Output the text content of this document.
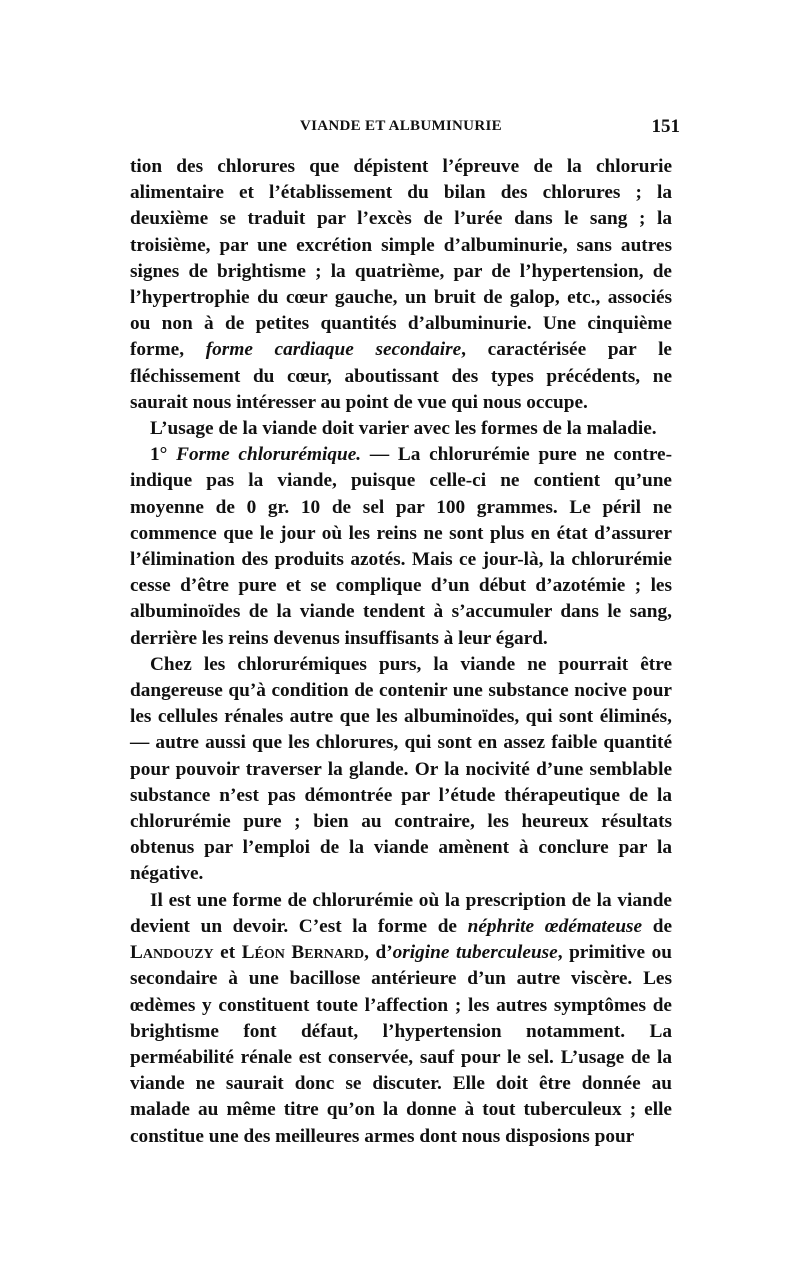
VIANDE ET ALBUMINURIE	151

tion des chlorures que dépistent l’épreuve de la chlorurie alimentaire et l’établissement du bilan des chlorures ; la deuxième se traduit par l’excès de l’urée dans le sang ; la troisième, par une excrétion simple d’albuminurie, sans autres signes de brightisme ; la quatrième, par de l’hypertension, de l’hypertrophie du cœur gauche, un bruit de galop, etc., associés ou non à de petites quantités d’albuminurie. Une cinquième forme, forme cardiaque secondaire, caractérisée par le fléchissement du cœur, aboutissant des types précédents, ne saurait nous intéresser au point de vue qui nous occupe.

L’usage de la viande doit varier avec les formes de la maladie.

1° Forme chlorurémique. — La chlorurémie pure ne contre-indique pas la viande, puisque celle-ci ne contient qu’une moyenne de 0 gr. 10 de sel par 100 grammes. Le péril ne commence que le jour où les reins ne sont plus en état d’assurer l’élimination des produits azotés. Mais ce jour-là, la chlorurémie cesse d’être pure et se complique d’un début d’azotémie ; les albuminoïdes de la viande tendent à s’accumuler dans le sang, derrière les reins devenus insuffisants à leur égard.

Chez les chlorurémiques purs, la viande ne pourrait être dangereuse qu’à condition de contenir une substance nocive pour les cellules rénales autre que les albuminoïdes, qui sont éliminés, — autre aussi que les chlorures, qui sont en assez faible quantité pour pouvoir traverser la glande. Or la nocivité d’une semblable substance n’est pas démontrée par l’étude thérapeutique de la chlorurémie pure ; bien au contraire, les heureux résultats obtenus par l’emploi de la viande amènent à conclure par la négative.

Il est une forme de chlorurémie où la prescription de la viande devient un devoir. C’est la forme de néphrite œdémateuse de Landouzy et Léon Bernard, d’origine tuberculeuse, primitive ou secondaire à une bacillose antérieure d’un autre viscère. Les œdèmes y constituent toute l’affection ; les autres symptômes de brightisme font défaut, l’hypertension notamment. La perméabilité rénale est conservée, sauf pour le sel. L’usage de la viande ne saurait donc se discuter. Elle doit être donnée au malade au même titre qu’on la donne à tout tuberculeux ; elle constitue une des meilleures armes dont nous disposions pour
